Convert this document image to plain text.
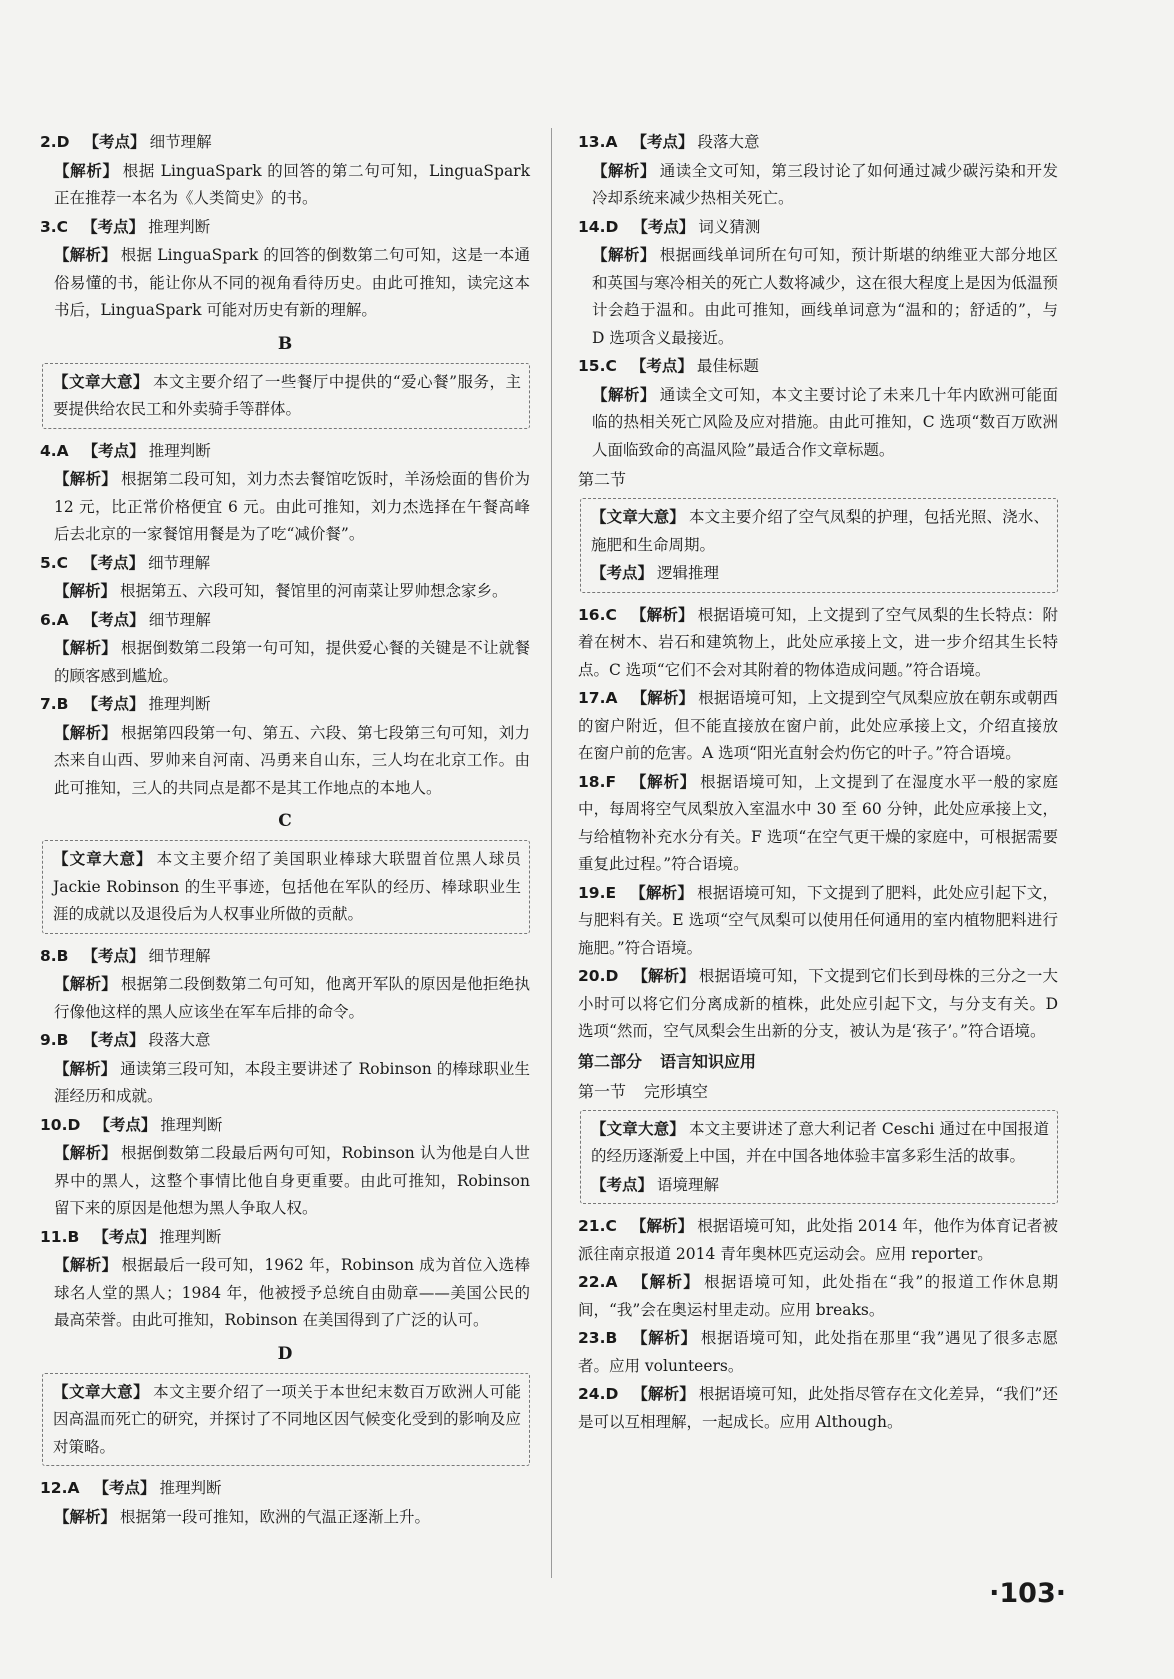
2.D 【考点】 细节理解
【解析】 根据 LinguaSpark 的回答的第二句可知，LinguaSpark 正在推荐一本名为《人类简史》的书。
3.C 【考点】 推理判断
【解析】 根据 LinguaSpark 的回答的倒数第二句可知，这是一本通俗易懂的书，能让你从不同的视角看待历史。由此可推知，读完这本书后，LinguaSpark 可能对历史有新的理解。
B
【文章大意】 本文主要介绍了一些餐厅中提供的“爱心餐”服务，主要提供给农民工和外卖骑手等群体。
4.A 【考点】 推理判断
【解析】 根据第二段可知，刘力杰去餐馆吃饭时，羊汤烩面的售价为 12 元，比正常价格便宜 6 元。由此可推知，刘力杰选择在午餐高峰后去北京的一家餐馆用餐是为了吃“减价餐”。
5.C 【考点】 细节理解
【解析】 根据第五、六段可知，餐馆里的河南菜让罗帅想念家乡。
6.A 【考点】 细节理解
【解析】 根据倒数第二段第一句可知，提供爱心餐的关键是不让就餐的顾客感到尴尬。
7.B 【考点】 推理判断
【解析】 根据第四段第一句、第五、六段、第七段第三句可知，刘力杰来自山西、罗帅来自河南、冯勇来自山东，三人均在北京工作。由此可推知，三人的共同点是都不是其工作地点的本地人。
C
【文章大意】 本文主要介绍了美国职业棒球大联盟首位黑人球员 Jackie Robinson 的生平事迹，包括他在军队的经历、棒球职业生涯的成就以及退役后为人权事业所做的贡献。
8.B 【考点】 细节理解
【解析】 根据第二段倒数第二句可知，他离开军队的原因是他拒绝执行像他这样的黑人应该坐在军车后排的命令。
9.B 【考点】 段落大意
【解析】 通读第三段可知，本段主要讲述了 Robinson 的棒球职业生涯经历和成就。
10.D 【考点】 推理判断
【解析】 根据倒数第二段最后两句可知，Robinson 认为他是白人世界中的黑人，这整个事情比他自身更重要。由此可推知，Robinson 留下来的原因是他想为黑人争取人权。
11.B 【考点】 推理判断
【解析】 根据最后一段可知，1962 年，Robinson 成为首位入选棒球名人堂的黑人；1984 年，他被授予总统自由勋章——美国公民的最高荣誉。由此可推知，Robinson 在美国得到了广泛的认可。
D
【文章大意】 本文主要介绍了一项关于本世纪末数百万欧洲人可能因高温而死亡的研究，并探讨了不同地区因气候变化受到的影响及应对策略。
12.A 【考点】 推理判断
【解析】 根据第一段可推知，欧洲的气温正逐渐上升。
13.A 【考点】 段落大意
【解析】 通读全文可知，第三段讨论了如何通过减少碳污染和开发冷却系统来减少热相关死亡。
14.D 【考点】 词义猜测
【解析】 根据画线单词所在句可知，预计斯堪的纳维亚大部分地区和英国与寒冷相关的死亡人数将减少，这在很大程度上是因为低温预计会趋于温和。由此可推知，画线单词意为“温和的；舒适的”，与 D 选项含义最接近。
15.C 【考点】 最佳标题
【解析】 通读全文可知，本文主要讨论了未来几十年内欧洲可能面临的热相关死亡风险及应对措施。由此可推知，C 选项“数百万欧洲人面临致命的高温风险”最适合作文章标题。
第二节
【文章大意】 本文主要介绍了空气凤梨的护理，包括光照、浇水、施肥和生命周期。
【考点】 逻辑推理
16.C 【解析】 根据语境可知，上文提到了空气凤梨的生长特点：附着在树木、岩石和建筑物上，此处应承接上文，进一步介绍其生长特点。C 选项“它们不会对其附着的物体造成问题。”符合语境。
17.A 【解析】 根据语境可知，上文提到空气凤梨应放在朝东或朝西的窗户附近，但不能直接放在窗户前，此处应承接上文，介绍直接放在窗户前的危害。A 选项“阳光直射会灼伤它的叶子。”符合语境。
18.F 【解析】 根据语境可知，上文提到了在湿度水平一般的家庭中，每周将空气凤梨放入室温水中 30 至 60 分钟，此处应承接上文，与给植物补充水分有关。F 选项“在空气更干燥的家庭中，可根据需要重复此过程。”符合语境。
19.E 【解析】 根据语境可知，下文提到了肥料，此处应引起下文，与肥料有关。E 选项“空气凤梨可以使用任何通用的室内植物肥料进行施肥。”符合语境。
20.D 【解析】 根据语境可知，下文提到它们长到母株的三分之一大小时可以将它们分离成新的植株，此处应引起下文，与分支有关。D 选项“然而，空气凤梨会生出新的分支，被认为是‘孩子’。”符合语境。
第二部分 语言知识应用
第一节 完形填空
【文章大意】 本文主要讲述了意大利记者 Ceschi 通过在中国报道的经历逐渐爱上中国，并在中国各地体验丰富多彩生活的故事。
【考点】 语境理解
21.C 【解析】 根据语境可知，此处指 2014 年，他作为体育记者被派往南京报道 2014 青年奥林匹克运动会。应用 reporter。
22.A 【解析】 根据语境可知，此处指在“我”的报道工作休息期间，“我”会在奥运村里走动。应用 breaks。
23.B 【解析】 根据语境可知，此处指在那里“我”遇见了很多志愿者。应用 volunteers。
24.D 【解析】 根据语境可知，此处指尽管存在文化差异，“我们”还是可以互相理解，一起成长。应用 Although。
·103·
